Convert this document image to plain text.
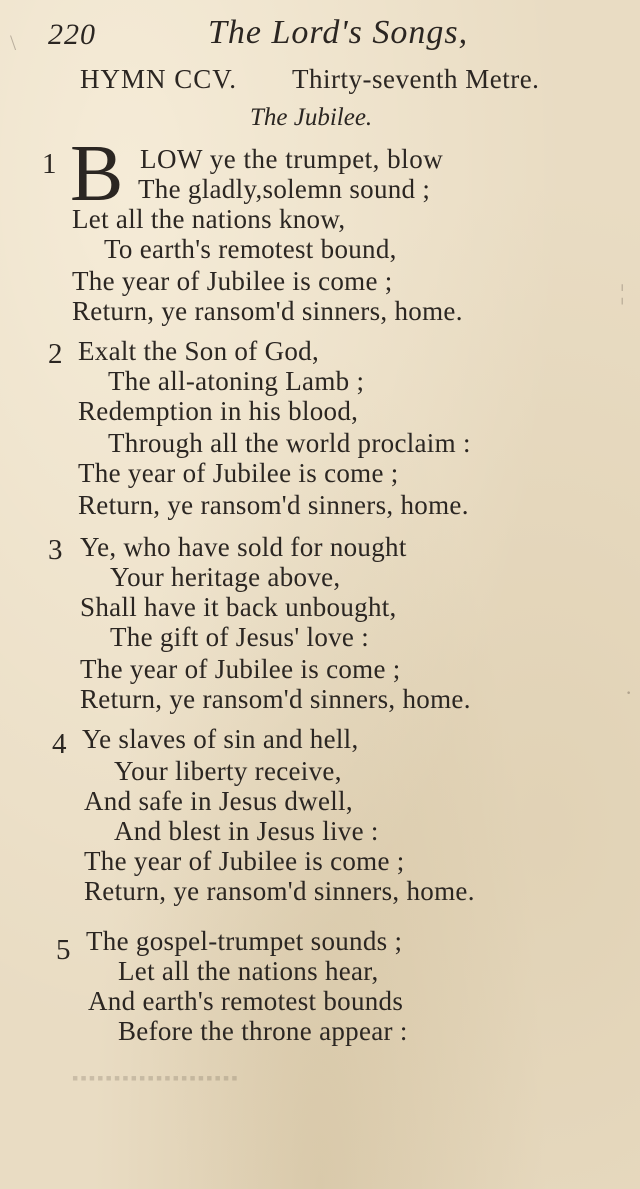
220	The Lord's Songs,
HYMN CCV. Thirty-seventh Metre.
The Jubilee.
1 B LOW ye the trumpet, blow
The gladly,solemn sound ;
Let all the nations know,
To earth's remotest bound,
The year of Jubilee is come ;
Return, ye ransom'd sinners, home.
2 Exalt the Son of God,
The all-atoning Lamb ;
Redemption in his blood,
Through all the world proclaim :
The year of Jubilee is come ;
Return, ye ransom'd sinners, home.
3 Ye, who have sold for nought
Your heritage above,
Shall have it back unbought,
The gift of Jesus' love :
The year of Jubilee is come ;
Return, ye ransom'd sinners, home.
4 Ye slaves of sin and hell,
Your liberty receive,
And safe in Jesus dwell,
And blest in Jesus live :
The year of Jubilee is come ;
Return, ye ransom'd sinners, home.
5 The gospel-trumpet sounds ;
Let all the nations hear,
And earth's remotest bounds
Before the throne appear :
\
¦
·
▪▪▪▪▪▪▪▪▪▪▪▪▪▪▪▪▪▪▪▪
